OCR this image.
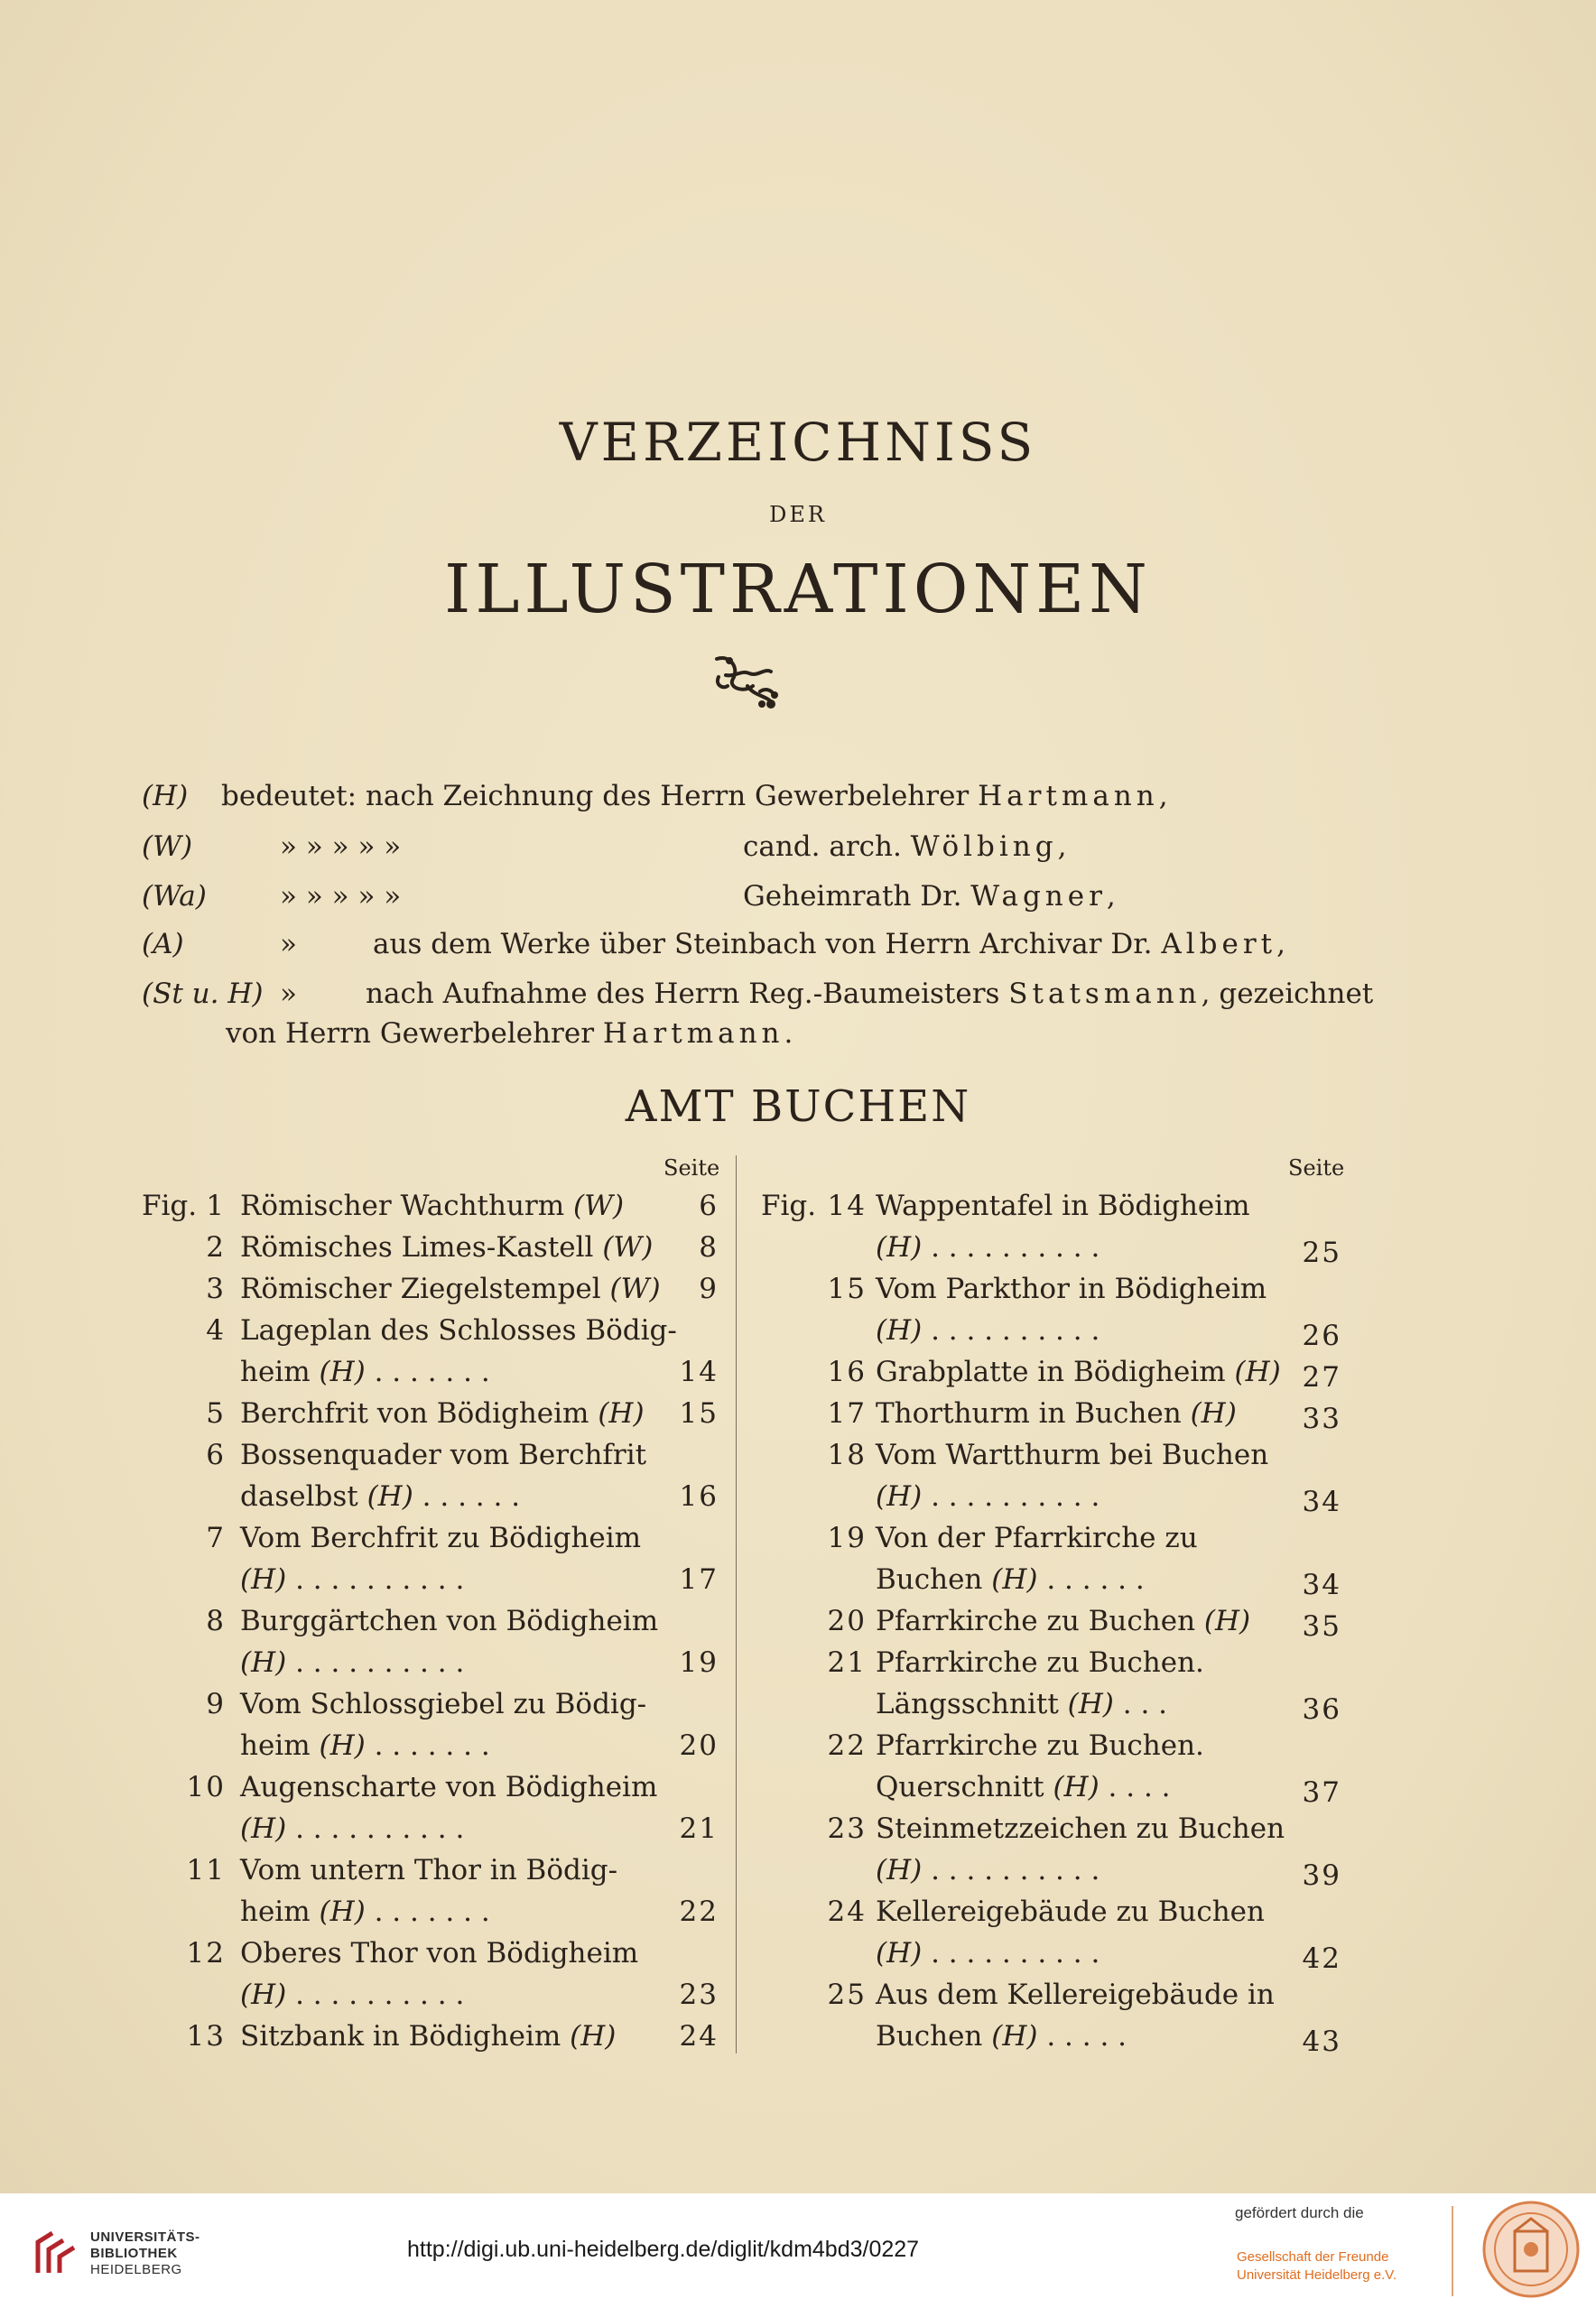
VERZEICHNISS
DER
ILLUSTRATIONEN
(H) bedeutet: nach Zeichnung des Herrn Gewerbelehrer Hartmann,
(W)	» » » » »	cand. arch. Wölbing,
(Wa)	» » » » »	Geheimrath Dr. Wagner,
(A)	»	aus dem Werke über Steinbach von Herrn Archivar Dr. Albert,
(St u. H) » nach Aufnahme des Herrn Reg.-Baumeisters Statsmann, gezeichnet
von Herrn Gewerbelehrer Hartmann.
AMT BUCHEN
Seite	Seite
Fig.	Fig.
1 Römischer Wachthurm (W)	6
2 Römisches Limes-Kastell (W)	8
3 Römischer Ziegelstempel (W)	9
4 Lageplan des Schlosses Bödig-
heim (H) . . . . . . .	14
5 Berchfrit von Bödigheim (H) 15
6 Bossenquader vom Berchfrit
daselbst (H) . . . . . .	16
7 Vom Berchfrit zu Bödigheim
(H) . . . . . . . . . .	17
8 Burggärtchen von Bödigheim
(H) . . . . . . . . . .	19
9 Vom Schlossgiebel zu Bödig-
heim (H) . . . . . . .	20
10 Augenscharte von Bödigheim
(H) . . . . . . . . . .	21
11 Vom untern Thor in Bödig-
heim (H) . . . . . . .	22
12 Oberes Thor von Bödigheim
(H) . . . . . . . . . .	23
13 Sitzbank in Bödigheim (H) 24
14 Wappentafel in Bödigheim
(H) . . . . . . . . . .	25
15 Vom Parkthor in Bödigheim
(H) . . . . . . . . . .	26
16 Grabplatte in Bödigheim (H) 27
17 Thorthurm in Buchen (H) 33
18 Vom Wartthurm bei Buchen
(H) . . . . . . . . . .	34
19 Von der Pfarrkirche zu
Buchen (H) . . . . . .	34
20 Pfarrkirche zu Buchen (H) 35
21 Pfarrkirche zu Buchen.
Längsschnitt (H) . . .	36
22 Pfarrkirche zu Buchen.
Querschnitt (H) . . . .	37
23 Steinmetzzeichen zu Buchen
(H) . . . . . . . . . .	39
24 Kellereigebäude zu Buchen
(H) . . . . . . . . . .	42
25 Aus dem Kellereigebäude in
Buchen (H) . . . . .	43
UNIVERSITÄTS-
BIBLIOTHEK
HEIDELBERG
http://digi.ub.uni-heidelberg.de/diglit/kdm4bd3/0227
gefördert durch die
Gesellschaft der Freunde
Universität Heidelberg e.V.
